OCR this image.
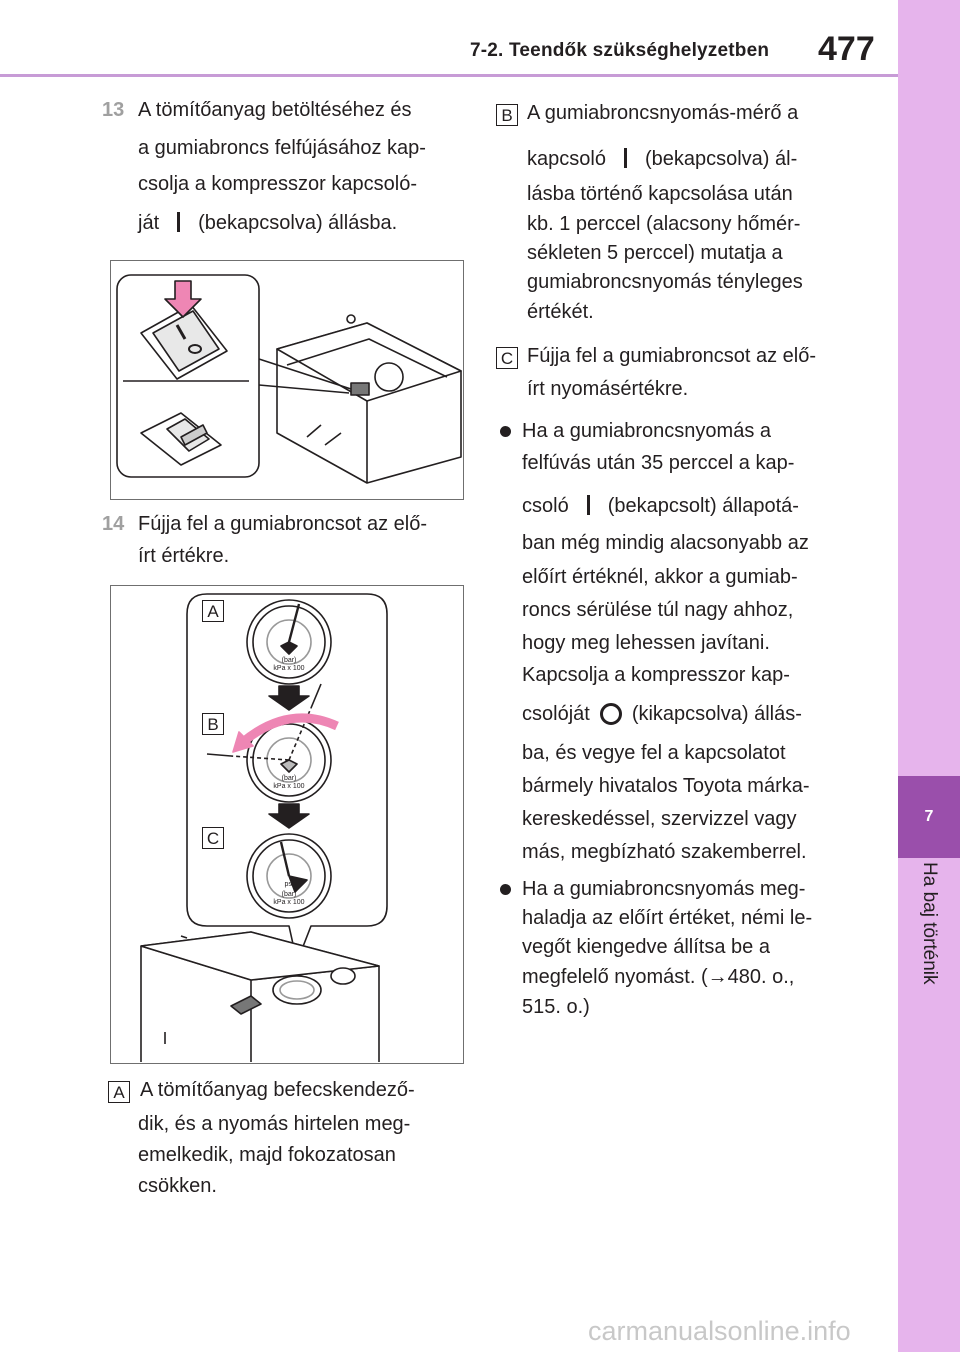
7-2. Teendők szükséghelyzetben 477
7
Ha baj történik
13 A tömítőanyag betöltéséhez és
a gumiabroncs felfújásához kap-
csolja a kompresszor kapcsoló-
ját (bekapcsolva) állásba.
14 Fújja fel a gumiabroncsot az elő-
írt értékre.
kPa x 100
(bar)
kPa x 100
(bar)
kPa x 100
(bar)
psi
A
B
C
A A tömítőanyag befecskendező-
dik, és a nyomás hirtelen meg-
emelkedik, majd fokozatosan
csökken.
B A gumiabroncsnyomás-mérő a
kapcsoló (bekapcsolva) ál-
lásba történő kapcsolása után
kb. 1 perccel (alacsony hőmér-
sékleten 5 perccel) mutatja a
gumiabroncsnyomás tényleges
értékét.
C Fújja fel a gumiabroncsot az elő-
írt nyomásértékre.
Ha a gumiabroncsnyomás a
felfúvás után 35 perccel a kap-
csoló (bekapcsolt) állapotá-
ban még mindig alacsonyabb az
előírt értéknél, akkor a gumiab-
roncs sérülése túl nagy ahhoz,
hogy meg lehessen javítani.
Kapcsolja a kompresszor kap-
csolóját (kikapcsolva) állás-
ba, és vegye fel a kapcsolatot
bármely hivatalos Toyota márka-
kereskedéssel, szervizzel vagy
más, megbízható szakemberrel.
Ha a gumiabroncsnyomás meg-
haladja az előírt értéket, némi le-
vegőt kiengedve állítsa be a
megfelelő nyomást. (→480. o.,
515. o.)
carmanualsonline.info
